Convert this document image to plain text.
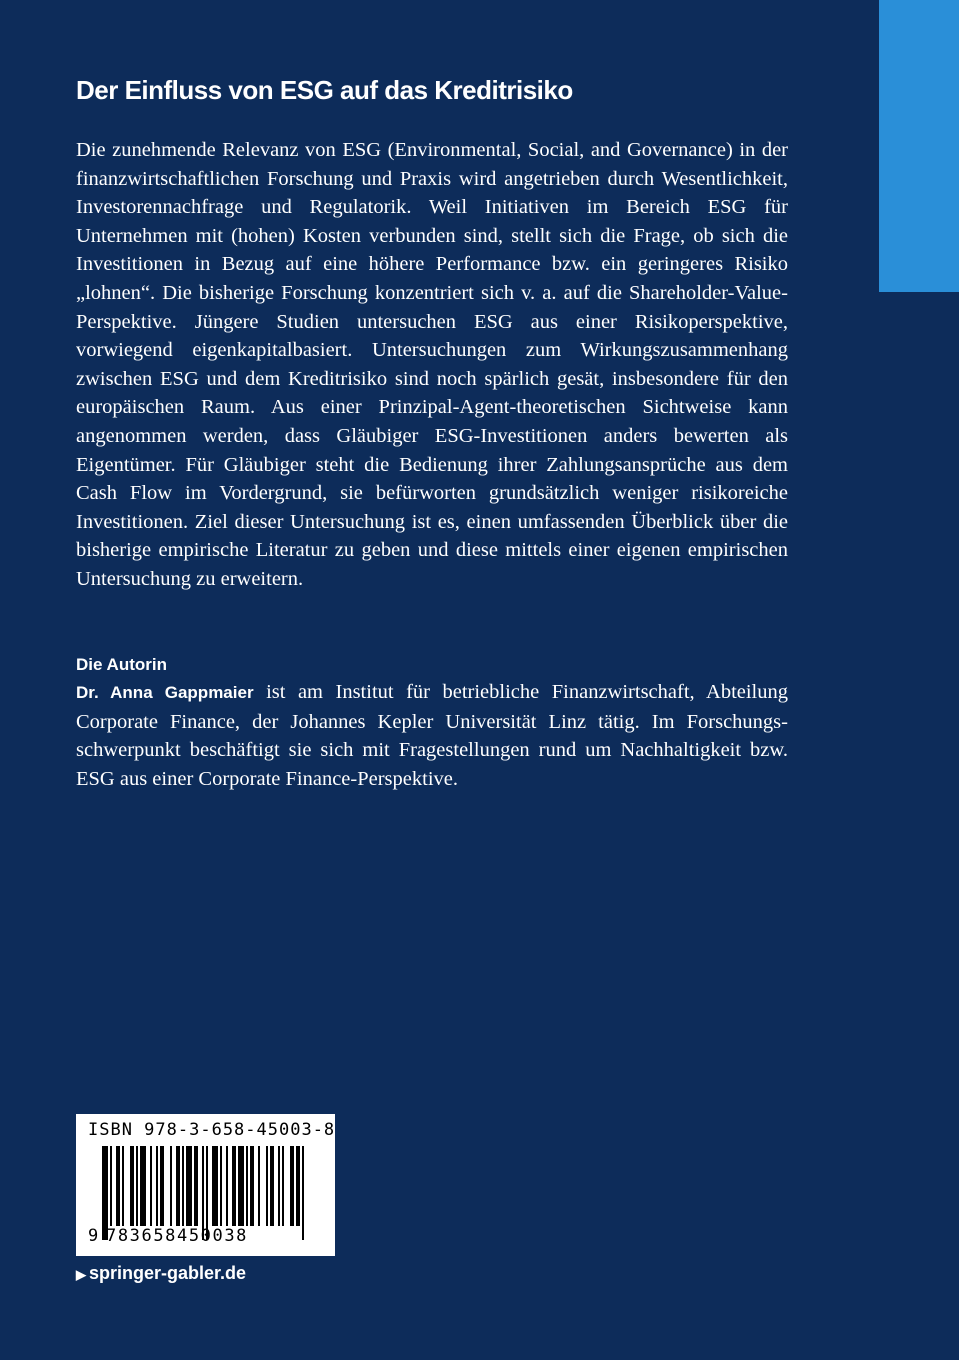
Der Einfluss von ESG auf das Kreditrisiko

Die zunehmende Relevanz von ESG (Environmental, Social, and Governance) in der finanzwirtschaftlichen Forschung und Praxis wird angetrieben durch Wesentlichkeit, Investorennachfrage und Regulatorik. Weil Initiativen im Bereich ESG für Unternehmen mit (hohen) Kosten verbunden sind, stellt sich die Frage, ob sich die Investitionen in Bezug auf eine höhere Performance bzw. ein geringeres Risiko „lohnen“. Die bisherige Forschung konzentriert sich v. a. auf die Shareholder-Value-Perspektive. Jüngere Studien untersuchen ESG aus einer Risikoperspektive, vorwiegend eigenkapitalbasiert. Untersuchungen zum Wirkungszusammenhang zwischen ESG und dem Kreditrisiko sind noch spärlich gesät, insbesondere für den europäischen Raum. Aus einer Prinzipal-Agent-theoretischen Sichtweise kann angenommen werden, dass Gläubiger ESG-Investitionen anders bewerten als Eigentümer. Für Gläubiger steht die Bedienung ihrer Zahlungsansprüche aus dem Cash Flow im Vordergrund, sie befürworten grundsätzlich weniger risikoreiche Investitionen. Ziel dieser Untersuchung ist es, einen umfassenden Überblick über die bisherige empirische Literatur zu geben und diese mittels einer eigenen empirischen Untersuchung zu erweitern.

Die Autorin

Dr. Anna Gappmaier ist am Institut für betriebliche Finanzwirtschaft, Abteilung Corporate Finance, der Johannes Kepler Universität Linz tätig. Im Forschungsschwerpunkt beschäftigt sie sich mit Fragestellungen rund um Nachhaltigkeit bzw. ESG aus einer Corporate Finance-Perspektive.

ISBN 978-3-658-45003-8
9 783658450038
▶ springer-gabler.de
